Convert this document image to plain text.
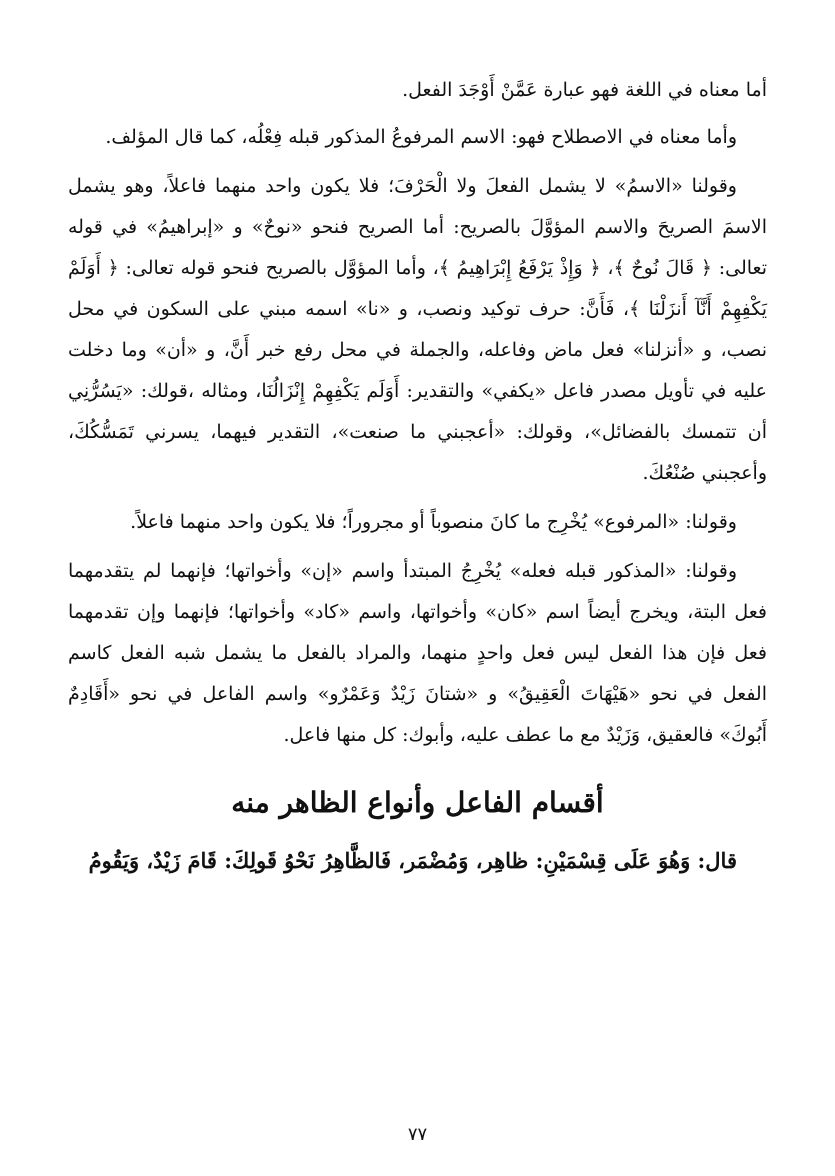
أما معناه في اللغة فهو عبارة عَمَّنْ أَوْجَدَ الفعل.

وأما معناه في الاصطلاح فهو: الاسم المرفوعُ المذكور قبله فِعْلُه، كما قال المؤلف.

وقولنا «الاسمُ» لا يشمل الفعلَ ولا الْحَرْفَ؛ فلا يكون واحد منهما فاعلاً، وهو يشمل الاسمَ الصريحَ والاسم المؤوَّلَ بالصريح: أما الصريح فنحو «نوحٌ» و «إبراهيمُ» في قوله تعالى: ﴿ قَالَ نُوحٌ ﴾، ﴿ وَإِذْ يَرْفَعُ إِبْرَاهِيمُ ﴾، وأما المؤوَّل بالصريح فنحو قوله تعالى: ﴿ أَوَلَمْ يَكْفِهِمْ أَنَّآ أَنزَلْنَا ﴾، فَأَنَّ: حرف توكيد ونصب، و «نا» اسمه مبني على السكون في محل نصب، و «أنزلنا» فعل ماض وفاعله، والجملة في محل رفع خبر أَنَّ، و «أن» وما دخلت عليه في تأويل مصدر فاعل «يكفي» والتقدير: أَوَلَم يَكْفِهِمْ إِنْزَالُنَا، ومثاله ،قولك: «يَسُرُّنِي أن تتمسك بالفضائل»، وقولك: «أعجبني ما صنعت»، التقدير فيهما، يسرني تَمَسُّكُكَ، وأعجبني صُنْعُكَ.

وقولنا: «المرفوع» يُخْرِج ما كانَ منصوباً أو مجروراً؛ فلا يكون واحد منهما فاعلاً.

وقولنا: «المذكور قبله فعله» يُخْرِجُ المبتدأ واسم «إن» وأخواتها؛ فإنهما لم يتقدمهما فعل البتة، ويخرج أيضاً اسم «كان» وأخواتها، واسم «كاد» وأخواتها؛ فإنهما وإن تقدمهما فعل فإن هذا الفعل ليس فعل واحدٍ منهما، والمراد بالفعل ما يشمل شبه الفعل كاسم الفعل في نحو «هَيْهَاتَ الْعَقِيقُ» و «شتانَ زَيْدٌ وَعَمْرٌو» واسم الفاعل في نحو «أَقَادِمٌ أَبُوكَ» فالعقيق، وَزَيْدٌ مع ما عطف عليه، وأبوك: كل منها فاعل.

أقسام الفاعل وأنواع الظاهر منه

قال: وَهُوَ عَلَى قِسْمَيْنِ: ظاهِر، وَمُضْمَر، فَالظَّاهِرُ نَحْوُ قَولِكَ: قَامَ زَيْدٌ، وَيَقُومُ

٧٧
